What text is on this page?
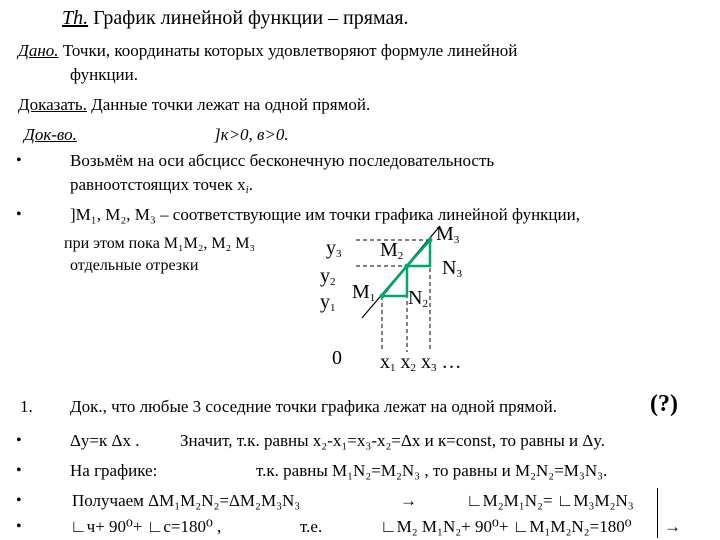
Th. График линейной функции – прямая.
Дано. Точки, координаты которых удовлетворяют формуле линейной
функции.
Доказать. Данные точки лежат на одной прямой.
Док-во.	]к>0, в>0.
•	Возьмём на оси абсцисс бесконечную последовательность
равноотстоящих точек $x_i$.
•	]M₁, M₂, M₃ – соответствующие им точки графика линейной функции,
при этом пока M₁M₂, M₂ M₃
отдельные отрезки
$y_3$
$y_2$
$y_1$
$M_1$
$M_2$
$M_3$
$N_2$
$N_3$
0 $x_1$ $x_2$ $x_3$ …
1. Док., что любые 3 соседние точки графика лежат на одной прямой.	(?)
•	Δy=к Δx . Значит, т.к. равны x₂-x₁=x₃-x₂=Δx и к=const, то равны и Δy.
•	На графике:	т.к. равны M₁N₂=M₂N₃ , то равны и M₂N₂=M₃N₃.
•	Получаем ΔM₁M₂N₂=ΔM₂M₃N₃	→	∟M₂M₁N₂= ∟M₃M₂N₃
•	∟ч+ 90⁰+ ∟с=180⁰ ,	т.е.	∟M₂ M₁N₂+ 90⁰+ ∟M₁M₂N₂=180⁰ →
